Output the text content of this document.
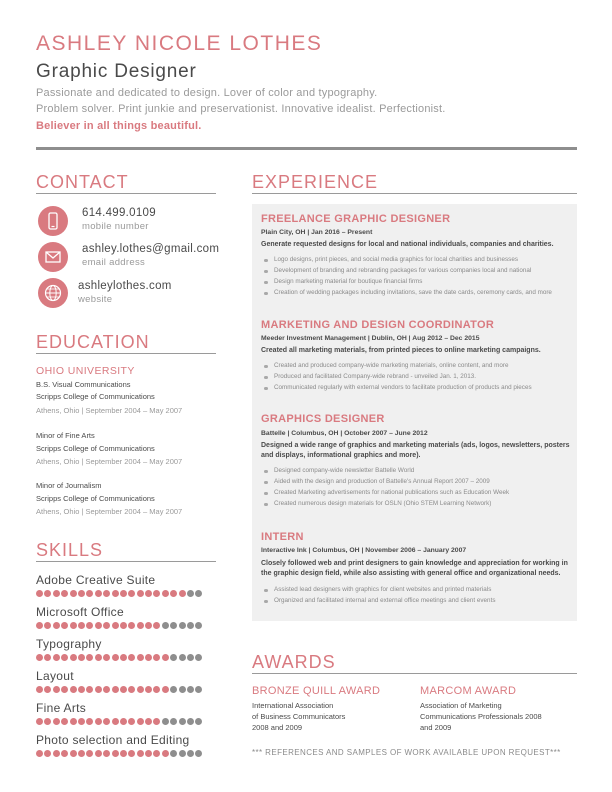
ASHLEY NICOLE LOTHES
Graphic Designer
Passionate and dedicated to design. Lover of color and typography.
Problem solver. Print junkie and preservationist. Innovative idealist. Perfectionist.
Believer in all things beautiful.
CONTACT
614.499.0109
mobile number
ashley.lothes@gmail.com
email address
ashleylothes.com
website
EDUCATION
OHIO UNIVERSITY
B.S. Visual Communications
Scripps College of Communications
Athens, Ohio | September 2004 – May 2007
Minor of Fine Arts
Scripps College of Communications
Athens, Ohio | September 2004 – May 2007
Minor of Journalism
Scripps College of Communications
Athens, Ohio | September 2004 – May 2007
SKILLS
Adobe Creative Suite
Microsoft Office
Typography
Layout
Fine Arts
Photo selection and Editing
EXPERIENCE
FREELANCE GRAPHIC DESIGNER
Plain City, OH | Jan 2016 – Present
Generate requested designs for local and national individuals, companies and charities.
Logo designs, print pieces, and social media graphics for local charities and businesses
Development of branding and rebranding packages for various companies local and national
Design marketing material for boutique financial firms
Creation of wedding packages including invitations, save the date cards, ceremony cards, and more
MARKETING AND DESIGN COORDINATOR
Meeder Investment Management | Dublin, OH | Aug 2012 – Dec 2015
Created all marketing materials, from printed pieces to online marketing campaigns.
Created and produced company-wide marketing materials, online content, and more
Produced and facilitated Company-wide rebrand - unveiled Jan. 1, 2013.
Communicated regularly with external vendors to facilitate production of products and pieces
GRAPHICS DESIGNER
Battelle | Columbus, OH | October 2007 – June 2012
Designed a wide range of graphics and marketing materials (ads, logos, newsletters, posters and displays, informational graphics and more).
Designed company-wide newsletter Battelle World
Aided with the design and production of Battelle's Annual Report 2007 – 2009
Created Marketing advertisements for national publications such as Education Week
Created numerous design materials for OSLN (Ohio STEM Learning Network)
INTERN
Interactive Ink | Columbus, OH | November 2006 – January 2007
Closely followed web and print designers to gain knowledge and appreciation for working in the graphic design field, while also assisting with general office and organizational needs.
Assisted lead designers with graphics for client websites and printed materials
Organized and facilitated internal and external office meetings and client events
AWARDS
BRONZE QUILL AWARD
International Association
of Business Communicators
2008 and 2009
MARCOM AWARD
Association of Marketing
Communications Professionals 2008
and 2009
*** REFERENCES AND SAMPLES OF WORK AVAILABLE UPON REQUEST***
